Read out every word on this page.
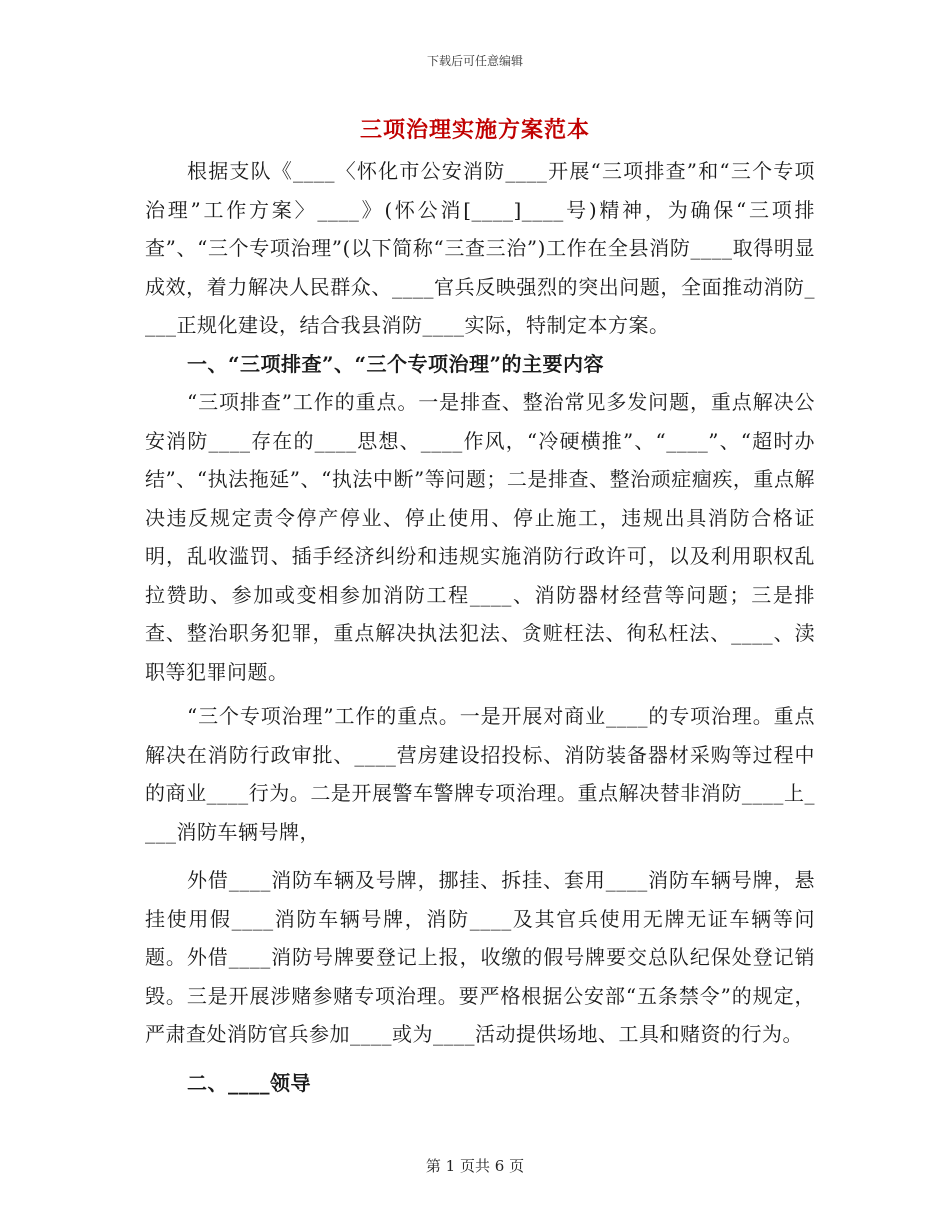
下载后可任意编辑
三项治理实施方案范本

根据支队《____〈怀化市公安消防____开展“三项排查”和“三个专项治理”工作方案〉____》(怀公消[____]____号)精神，为确保“三项排查”、“三个专项治理”(以下简称“三查三治”)工作在全县消防____取得明显成效，着力解决人民群众、____官兵反映强烈的突出问题，全面推动消防____正规化建设，结合我县消防____实际，特制定本方案。

一、“三项排查”、“三个专项治理”的主要内容

“三项排查”工作的重点。一是排查、整治常见多发问题，重点解决公安消防____存在的____思想、____作风，“冷硬横推”、“____”、“超时办结”、“执法拖延”、“执法中断”等问题；二是排查、整治顽症痼疾，重点解决违反规定责令停产停业、停止使用、停止施工，违规出具消防合格证明，乱收滥罚、插手经济纠纷和违规实施消防行政许可，以及利用职权乱拉赞助、参加或变相参加消防工程____、消防器材经营等问题；三是排查、整治职务犯罪，重点解决执法犯法、贪赃枉法、徇私枉法、____、渎职等犯罪问题。

“三个专项治理”工作的重点。一是开展对商业____的专项治理。重点解决在消防行政审批、____营房建设招投标、消防装备器材采购等过程中的商业____行为。二是开展警车警牌专项治理。重点解决替非消防____上____消防车辆号牌，

外借____消防车辆及号牌，挪挂、拆挂、套用____消防车辆号牌，悬挂使用假____消防车辆号牌，消防____及其官兵使用无牌无证车辆等问题。外借____消防号牌要登记上报，收缴的假号牌要交总队纪保处登记销毁。三是开展涉赌参赌专项治理。要严格根据公安部“五条禁令”的规定，严肃查处消防官兵参加____或为____活动提供场地、工具和赌资的行为。

二、____领导

第 1 页共 6 页
